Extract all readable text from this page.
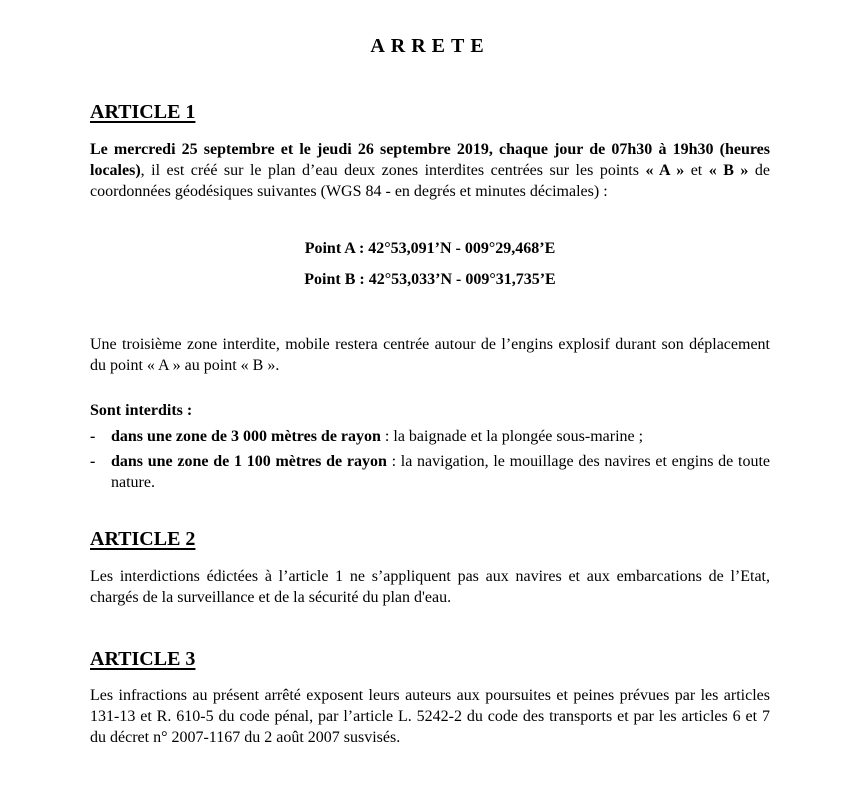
ARRETE
ARTICLE 1
Le mercredi 25 septembre et le jeudi 26 septembre 2019, chaque jour de 07h30 à 19h30 (heures locales), il est créé sur le plan d’eau deux zones interdites centrées sur les points « A » et « B » de coordonnées géodésiques suivantes (WGS 84 - en degrés et minutes décimales) :
Point A : 42°53,091’N - 009°29,468’E
Point B : 42°53,033’N - 009°31,735’E
Une troisième zone interdite, mobile restera centrée autour de l’engins explosif durant son déplacement du point « A » au point « B ».
Sont interdits :
- dans une zone de 3 000 mètres de rayon : la baignade et la plongée sous-marine ;
- dans une zone de 1 100 mètres de rayon : la navigation, le mouillage des navires et engins de toute nature.
ARTICLE 2
Les interdictions édictées à l’article 1 ne s’appliquent pas aux navires et aux embarcations de l’Etat, chargés de la surveillance et de la sécurité du plan d'eau.
ARTICLE 3
Les infractions au présent arrêté exposent leurs auteurs aux poursuites et peines prévues par les articles 131-13 et R. 610-5 du code pénal, par l’article L. 5242-2 du code des transports et par les articles 6 et 7 du décret n° 2007-1167 du 2 août 2007 susvisés.
